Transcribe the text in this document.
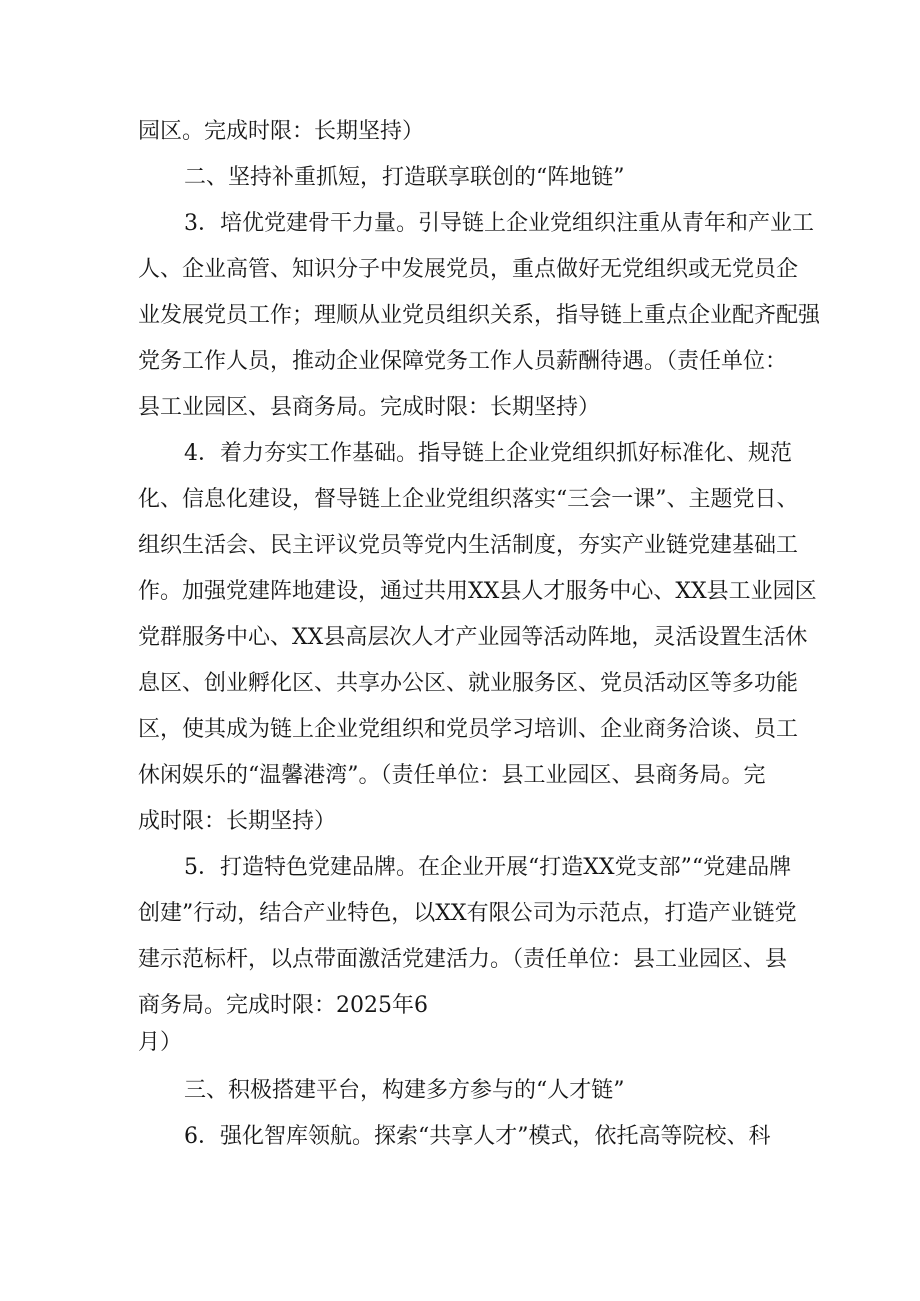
园区。完成时限：长期坚持）

二、坚持补重抓短，打造联享联创的“阵地链”

3．培优党建骨干力量。引导链上企业党组织注重从青年和产业工

人、企业高管、知识分子中发展党员，重点做好无党组织或无党员企

业发展党员工作；理顺从业党员组织关系，指导链上重点企业配齐配强

党务工作人员，推动企业保障党务工作人员薪酬待遇。（责任单位：

县工业园区、县商务局。完成时限：长期坚持）

4．着力夯实工作基础。指导链上企业党组织抓好标准化、规范

化、信息化建设，督导链上企业党组织落实“三会一课”、主题党日、

组织生活会、民主评议党员等党内生活制度，夯实产业链党建基础工

作。加强党建阵地建设，通过共用XX县人才服务中心、XX县工业园区

党群服务中心、XX县高层次人才产业园等活动阵地，灵活设置生活休

息区、创业孵化区、共享办公区、就业服务区、党员活动区等多功能

区，使其成为链上企业党组织和党员学习培训、企业商务洽谈、员工

休闲娱乐的“温馨港湾”。（责任单位：县工业园区、县商务局。完

成时限：长期坚持）

5．打造特色党建品牌。在企业开展“打造XX党支部”“党建品牌

创建”行动，结合产业特色，以XX有限公司为示范点，打造产业链党

建示范标杆，以点带面激活党建活力。（责任单位：县工业园区、县

商务局。完成时限：2025年6

月）

三、积极搭建平台，构建多方参与的“人才链”

6．强化智库领航。探索“共享人才”模式，依托高等院校、科
